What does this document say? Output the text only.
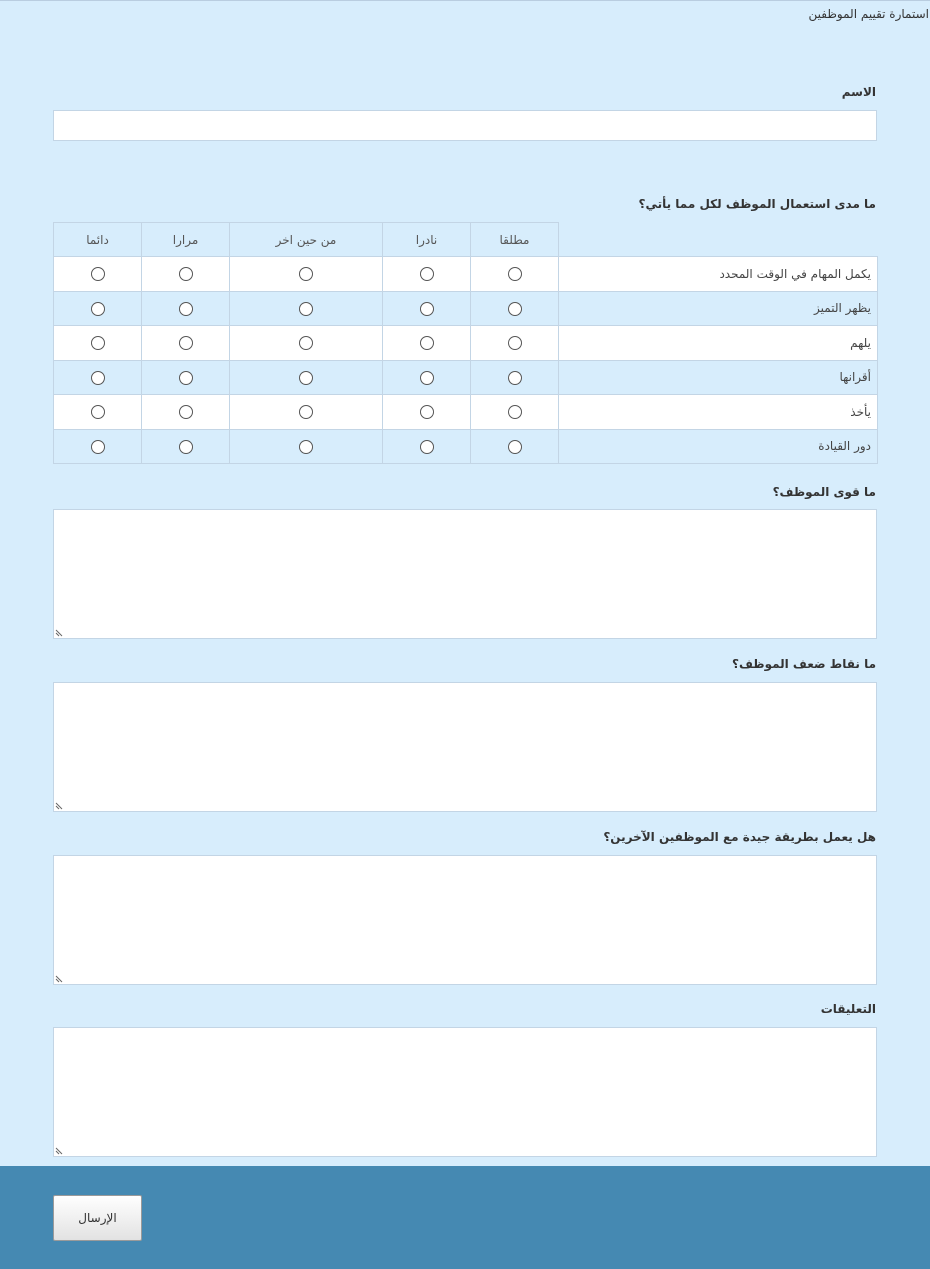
استمارة تقييم الموظفين
الاسم
ما مدى استعمال الموظف لكل مما يأتي؟
	مطلقا	نادرا	من حين اخر	مرارا	دائما
يكمل المهام في الوقت المحدد					
يظهر التميز					
يلهم					
أقرانها					
يأخذ					
دور القيادة					
ما قوى الموظف؟
ما نقاط ضعف الموظف؟
هل يعمل بطريقة جيدة مع الموظفين الآخرين؟
التعليقات
الإرسال
